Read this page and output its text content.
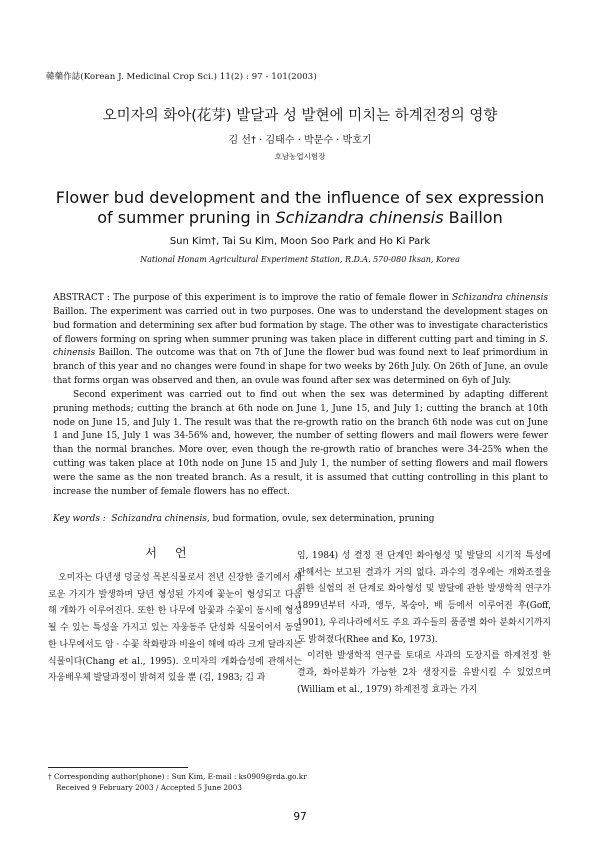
韓藥作誌(Korean J. Medicinal Crop Sci.) 11(2) : 97 - 101(2003)
오미자의 화아(花芽) 발달과 성 발현에 미치는 하계전정의 영향
김 선† · 김태수 · 박문수 · 박호기
호남농업시험장
Flower bud development and the influence of sex expression
of summer pruning in Schizandra chinensis Baillon
Sun Kim†, Tai Su Kim, Moon Soo Park and Ho Ki Park
National Honam Agricultural Experiment Station, R.D.A. 570-080 Iksan, Korea

ABSTRACT : The purpose of this experiment is to improve the ratio of female flower in Schizandra chinensis Baillon. The experiment was carried out in two purposes. One was to understand the development stages on bud formation and determining sex after bud formation by stage. The other was to investigate characteristics of flowers forming on spring when summer pruning was taken place in different cutting part and timing in S. chinensis Baillon. The outcome was that on 7th of June the flower bud was found next to leaf primordium in branch of this year and no changes were found in shape for two weeks by 26th July. On 26th of June, an ovule that forms organ was observed and then, an ovule was found after sex was determined on 6yh of July.

Second experiment was carried out to find out when the sex was determined by adapting different pruning methods; cutting the branch at 6th node on June 1, June 15, and July 1; cutting the branch at 10th node on June 15, and July 1. The result was that the re-growth ratio on the branch 6th node was cut on June 1 and June 15, July 1 was 34-56% and, however, the number of setting flowers and mail flowers were fewer than the normal branches. More over, even though the re-growth ratio of branches were 34-25% when the cutting was taken place at 10th node on June 15 and July 1, the number of setting flowers and mail flowers were the same as the non treated branch. As a result, it is assumed that cutting controlling in this plant to increase the number of female flowers has no effect.

Key words : Schizandra chinensis, bud formation, ovule, sex determination, pruning
서언

오미자는 다년생 덩굴성 목본식물로서 전년 신장한 줄기에서 새로운 가지가 발생하며 당년 형성된 가지에 꽃눈이 형성되고 다음해 개화가 이루어진다. 또한 한 나무에 암꽃과 수꽃이 동시에 형성될 수 있는 특성을 가지고 있는 자웅동주 단성화 식물이어서 동일한 나무에서도 암 · 수꽃 착화량과 비율이 해에 따라 크게 달라지는 식물이다(Chang et al., 1995). 오미자의 개화습성에 관해서는 자웅배우체 발달과정이 밝혀져 있을 뿐 (김, 1983; 김 과

임, 1984) 성 결정 전 단계인 화아형성 및 발달의 시기적 특성에 관해서는 보고된 결과가 거의 없다. 과수의 경우에는 개화조절을 위한 실험의 전 단계로 화아형성 및 발달에 관한 발생학적 연구가 1899년부터 사과, 앵두, 복숭아, 배 등에서 이루어진 후(Goff, 1901), 우리나라에서도 주요 과수들의 품종별 화아 분화시기까지도 밝혀졌다(Rhee and Ko, 1973).

이러한 발생학적 연구를 토대로 사과의 도장지를 하계전정 한 결과, 화아분화가 가능한 2차 생장지를 유발시킬 수 있었으며 (William et al., 1979) 하계전정 효과는 가지

† Corresponding author(phone) : Sun Kim, E-mail : ks0909@rda.go.kr
Received 9 February 2003 / Accepted 5 June 2003
97
